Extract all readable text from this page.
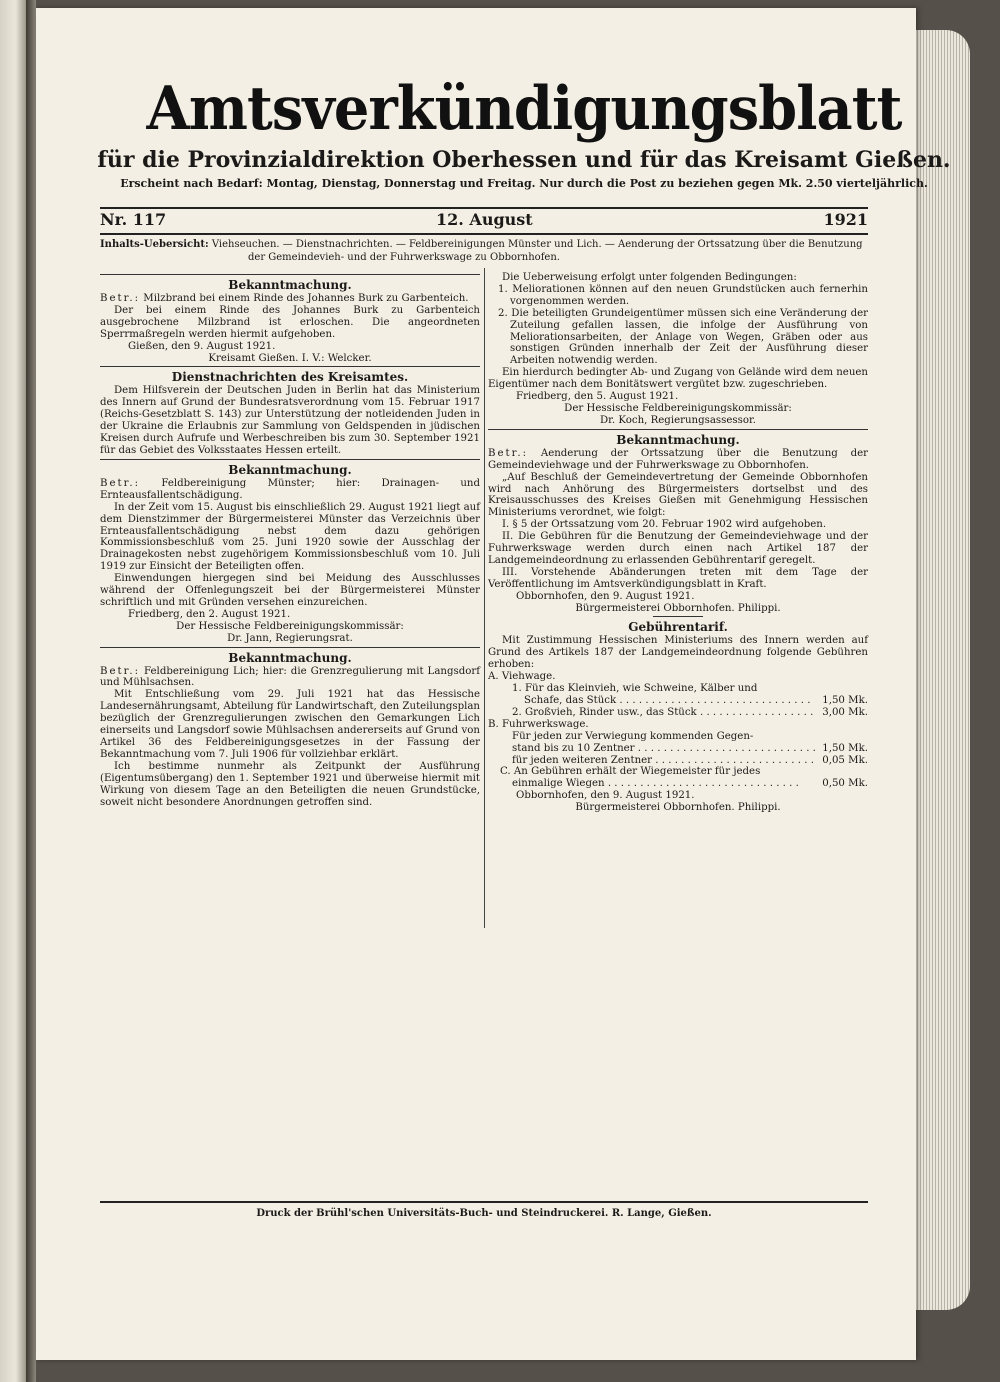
Amtsverkündigungsblatt
für die Provinzialdirektion Oberhessen und für das Kreisamt Gießen.
Erscheint nach Bedarf: Montag, Dienstag, Donnerstag und Freitag. Nur durch die Post zu beziehen gegen Mk. 2.50 vierteljährlich.
Nr. 117	12. August	1921
Inhalts-Uebersicht: Viehseuchen. — Dienstnachrichten. — Feldbereinigungen Münster und Lich. — Aenderung der Ortssatzung über die Benutzung
der Gemeindevieh- und der Fuhrwerkswage zu Obbornhofen.
Bekanntmachung.

Betr.: Milzbrand bei einem Rinde des Johannes Burk zu Garbenteich.

Der bei einem Rinde des Johannes Burk zu Garbenteich ausgebrochene Milzbrand ist erloschen. Die angeordneten Sperrmaßregeln werden hiermit aufgehoben.

Gießen, den 9. August 1921.

Kreisamt Gießen. I. V.: Welcker.
Dienstnachrichten des Kreisamtes.

Dem Hilfsverein der Deutschen Juden in Berlin hat das Ministerium des Innern auf Grund der Bundesratsverordnung vom 15. Februar 1917 (Reichs-Gesetzblatt S. 143) zur Unterstützung der notleidenden Juden in der Ukraine die Erlaubnis zur Sammlung von Geldspenden in jüdischen Kreisen durch Aufrufe und Werbeschreiben bis zum 30. September 1921 für das Gebiet des Volksstaates Hessen erteilt.

Bekanntmachung.

Betr.: Feldbereinigung Münster; hier: Drainagen- und Ernteausfallentschädigung.

In der Zeit vom 15. August bis einschließlich 29. August 1921 liegt auf dem Dienstzimmer der Bürgermeisterei Münster das Verzeichnis über Ernteausfallentschädigung nebst dem dazu gehörigen Kommissionsbeschluß vom 25. Juni 1920 sowie der Ausschlag der Drainagekosten nebst zugehörigem Kommissionsbeschluß vom 10. Juli 1919 zur Einsicht der Beteiligten offen.

Einwendungen hiergegen sind bei Meidung des Ausschlusses während der Offenlegungszeit bei der Bürgermeisterei Münster schriftlich und mit Gründen versehen einzureichen.

Friedberg, den 2. August 1921.

Der Hessische Feldbereinigungskommissär:
Dr. Jann, Regierungsrat.
Bekanntmachung.

Betr.: Feldbereinigung Lich; hier: die Grenzregulierung mit Langsdorf und Mühlsachsen.

Mit Entschließung vom 29. Juli 1921 hat das Hessische Landesernährungsamt, Abteilung für Landwirtschaft, den Zuteilungsplan bezüglich der Grenzregulierungen zwischen den Gemarkungen Lich einerseits und Langsdorf sowie Mühlsachsen andererseits auf Grund von Artikel 36 des Feldbereinigungsgesetzes in der Fassung der Bekanntmachung vom 7. Juli 1906 für vollziehbar erklärt.

Ich bestimme nunmehr als Zeitpunkt der Ausführung (Eigentumsübergang) den 1. September 1921 und überweise hiermit mit Wirkung von diesem Tage an den Beteiligten die neuen Grundstücke, soweit nicht besondere Anordnungen getroffen sind.

Die Ueberweisung erfolgt unter folgenden Bedingungen:

1. Meliorationen können auf den neuen Grundstücken auch fernerhin vorgenommen werden.
2. Die beteiligten Grundeigentümer müssen sich eine Veränderung der Zuteilung gefallen lassen, die infolge der Ausführung von Meliorationsarbeiten, der Anlage von Wegen, Gräben oder aus sonstigen Gründen innerhalb der Zeit der Ausführung dieser Arbeiten notwendig werden.

Ein hierdurch bedingter Ab- und Zugang von Gelände wird dem neuen Eigentümer nach dem Bonitätswert vergütet bzw. zugeschrieben.

Friedberg, den 5. August 1921.

Der Hessische Feldbereinigungskommissär:
Dr. Koch, Regierungsassessor.
Bekanntmachung.

Betr.: Aenderung der Ortssatzung über die Benutzung der Gemeindeviehwage und der Fuhrwerkswage zu Obbornhofen.

„Auf Beschluß der Gemeindevertretung der Gemeinde Obbornhofen wird nach Anhörung des Bürgermeisters dortselbst und des Kreisausschusses des Kreises Gießen mit Genehmigung Hessischen Ministeriums verordnet, wie folgt:

I. § 5 der Ortssatzung vom 20. Februar 1902 wird aufgehoben.

II. Die Gebühren für die Benutzung der Gemeindeviehwage und der Fuhrwerkswage werden durch einen nach Artikel 187 der Landgemeindeordnung zu erlassenden Gebührentarif geregelt.

III. Vorstehende Abänderungen treten mit dem Tage der Veröffentlichung im Amtsverkündigungsblatt in Kraft.

Obbornhofen, den 9. August 1921.

Bürgermeisterei Obbornhofen. Philippi.
Gebührentarif.

Mit Zustimmung Hessischen Ministeriums des Innern werden auf Grund des Artikels 187 der Landgemeindeordnung folgende Gebühren erhoben:

A. Viehwage.
1. Für das Kleinvieh, wie Schweine, Kälber und
Schafe, das Stück . . .	1,50 Mk.
2. Großvieh, Rinder usw., das Stück . . .	3,00 Mk.
B. Fuhrwerkswage.
Für jeden zur Verwiegung kommenden Gegen-
stand bis zu 10 Zentner . . .	1,50 Mk.
für jeden weiteren Zentner . . .	0,05 Mk.
C. An Gebühren erhält der Wiegemeister für jedes
einmalige Wiegen . . .	0,50 Mk.

Obbornhofen, den 9. August 1921.

Bürgermeisterei Obbornhofen. Philippi.
Druck der Brühl'schen Universitäts-Buch- und Steindruckerei. R. Lange, Gießen.
